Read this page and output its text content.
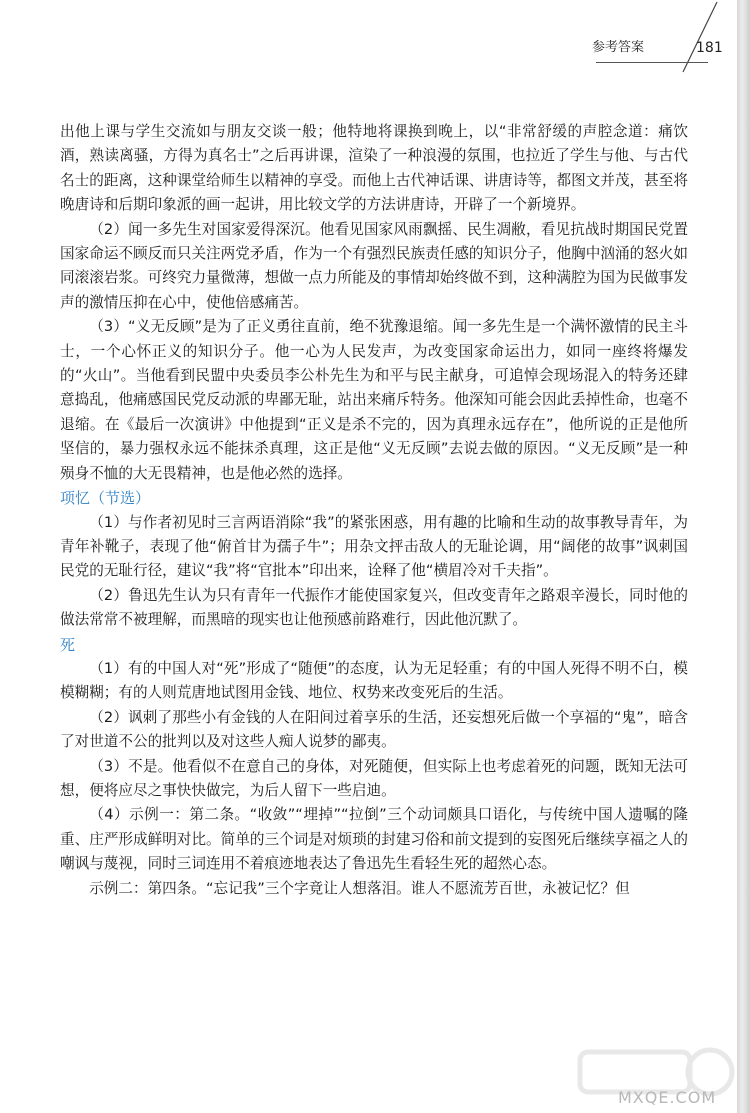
参考答案	181

出他上课与学生交流如与朋友交谈一般；他特地将课换到晚上，以“非常舒缓的声腔念道：痛饮酒，熟读离骚，方得为真名士”之后再讲课，渲染了一种浪漫的氛围，也拉近了学生与他、与古代名士的距离，这种课堂给师生以精神的享受。而他上古代神话课、讲唐诗等，都图文并茂，甚至将晚唐诗和后期印象派的画一起讲，用比较文学的方法讲唐诗，开辟了一个新境界。

（2）闻一多先生对国家爱得深沉。他看见国家风雨飘摇、民生凋敝，看见抗战时期国民党置国家命运不顾反而只关注两党矛盾，作为一个有强烈民族责任感的知识分子，他胸中汹涌的怒火如同滚滚岩浆。可终究力量微薄，想做一点力所能及的事情却始终做不到，这种满腔为国为民做事发声的激情压抑在心中，使他倍感痛苦。

（3）“义无反顾”是为了正义勇往直前，绝不犹豫退缩。闻一多先生是一个满怀激情的民主斗士，一个心怀正义的知识分子。他一心为人民发声，为改变国家命运出力，如同一座终将爆发的“火山”。当他看到民盟中央委员李公朴先生为和平与民主献身，可追悼会现场混入的特务还肆意捣乱，他痛感国民党反动派的卑鄙无耻，站出来痛斥特务。他深知可能会因此丢掉性命，也毫不退缩。在《最后一次演讲》中他提到“正义是杀不完的，因为真理永远存在”，他所说的正是他所坚信的，暴力强权永远不能抹杀真理，这正是他“义无反顾”去说去做的原因。“义无反顾”是一种殒身不恤的大无畏精神，也是他必然的选择。

项忆（节选）

（1）与作者初见时三言两语消除“我”的紧张困惑，用有趣的比喻和生动的故事教导青年，为青年补靴子，表现了他“俯首甘为孺子牛”；用杂文抨击敌人的无耻论调，用“阔佬的故事”讽刺国民党的无耻行径，建议“我”将“官批本”印出来，诠释了他“横眉冷对千夫指”。

（2）鲁迅先生认为只有青年一代振作才能使国家复兴，但改变青年之路艰辛漫长，同时他的做法常常不被理解，而黑暗的现实也让他预感前路难行，因此他沉默了。

死

（1）有的中国人对“死”形成了“随便”的态度，认为无足轻重；有的中国人死得不明不白，模模糊糊；有的人则荒唐地试图用金钱、地位、权势来改变死后的生活。

（2）讽刺了那些小有金钱的人在阳间过着享乐的生活，还妄想死后做一个享福的“鬼”，暗含了对世道不公的批判以及对这些人痴人说梦的鄙夷。

（3）不是。他看似不在意自己的身体，对死随便，但实际上也考虑着死的问题，既知无法可想，便将应尽之事快快做完，为后人留下一些启迪。

（4）示例一：第二条。“收敛”“埋掉”“拉倒”三个动词颇具口语化，与传统中国人遗嘱的隆重、庄严形成鲜明对比。简单的三个词是对烦琐的封建习俗和前文提到的妄图死后继续享福之人的嘲讽与蔑视，同时三词连用不着痕迹地表达了鲁迅先生看轻生死的超然心态。

示例二：第四条。“忘记我”三个字竟让人想落泪。谁人不愿流芳百世，永被记忆？但

MXQE.COM
